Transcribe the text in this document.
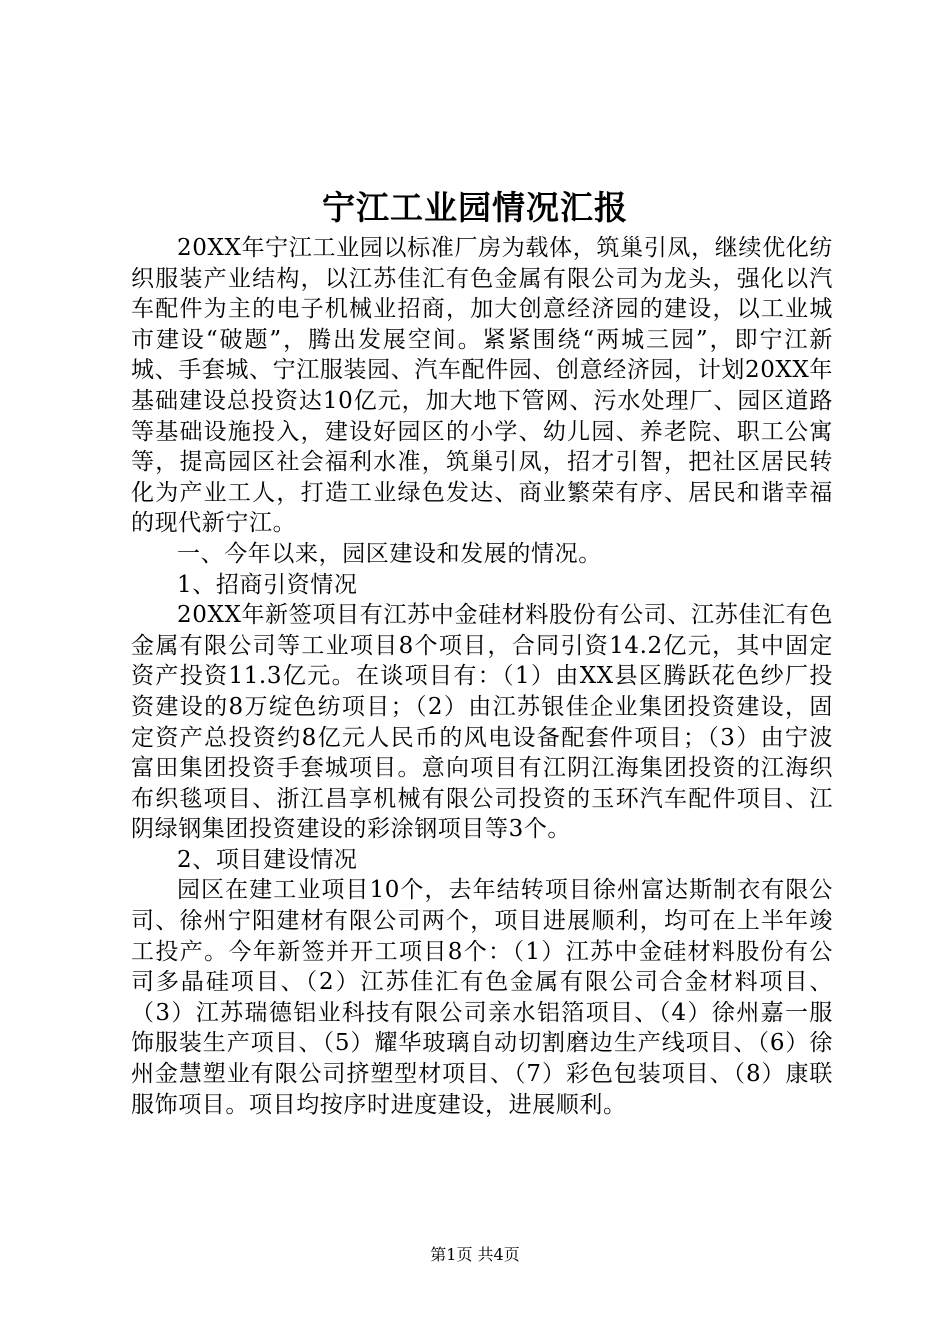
宁江工业园情况汇报

20XX年宁江工业园以标准厂房为载体，筑巢引凤，继续优化纺织服装产业结构，以江苏佳汇有色金属有限公司为龙头，强化以汽车配件为主的电子机械业招商，加大创意经济园的建设，以工业城市建设“破题”，腾出发展空间。紧紧围绕“两城三园”，即宁江新城、手套城、宁江服装园、汽车配件园、创意经济园，计划20XX年基础建设总投资达10亿元，加大地下管网、污水处理厂、园区道路等基础设施投入，建设好园区的小学、幼儿园、养老院、职工公寓等，提高园区社会福利水准，筑巢引凤，招才引智，把社区居民转化为产业工人，打造工业绿色发达、商业繁荣有序、居民和谐幸福的现代新宁江。

一、今年以来，园区建设和发展的情况。

1、招商引资情况

20XX年新签项目有江苏中金硅材料股份有公司、江苏佳汇有色金属有限公司等工业项目8个项目，合同引资14.2亿元，其中固定资产投资11.3亿元。在谈项目有：（1）由XX县区腾跃花色纱厂投资建设的8万绽色纺项目；（2）由江苏银佳企业集团投资建设，固定资产总投资约8亿元人民币的风电设备配套件项目；（3）由宁波富田集团投资手套城项目。意向项目有江阴江海集团投资的江海织布织毯项目、浙江昌享机械有限公司投资的玉环汽车配件项目、江阴绿钢集团投资建设的彩涂钢项目等3个。

2、项目建设情况

园区在建工业项目10个，去年结转项目徐州富达斯制衣有限公司、徐州宁阳建材有限公司两个，项目进展顺利，均可在上半年竣工投产。今年新签并开工项目8个：（1）江苏中金硅材料股份有公司多晶硅项目、（2）江苏佳汇有色金属有限公司合金材料项目、（3）江苏瑞德铝业科技有限公司亲水铝箔项目、（4）徐州嘉一服饰服装生产项目、（5）耀华玻璃自动切割磨边生产线项目、（6）徐州金慧塑业有限公司挤塑型材项目、（7）彩色包装项目、（8）康联服饰项目。项目均按序时进度建设，进展顺利。

第1页 共4页
